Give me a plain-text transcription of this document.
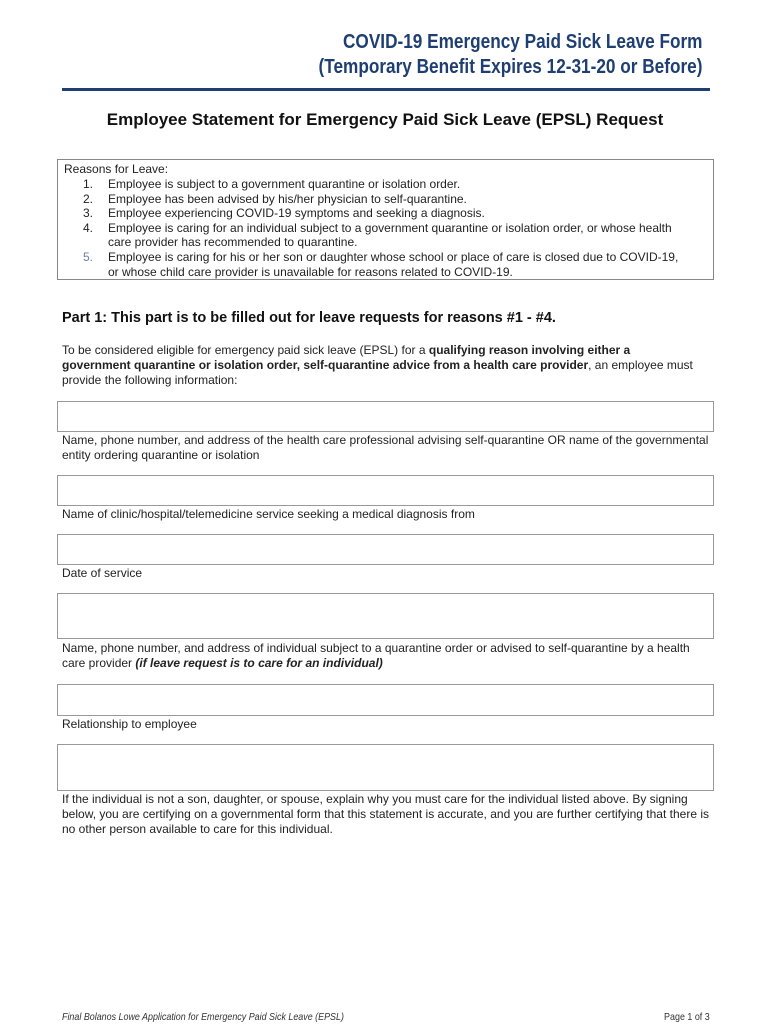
COVID-19 Emergency Paid Sick Leave Form
(Temporary Benefit Expires 12-31-20 or Before)
Employee Statement for Emergency Paid Sick Leave (EPSL) Request
Reasons for Leave:
1. Employee is subject to a government quarantine or isolation order.
2. Employee has been advised by his/her physician to self-quarantine.
3. Employee experiencing COVID-19 symptoms and seeking a diagnosis.
4. Employee is caring for an individual subject to a government quarantine or isolation order, or whose health
care provider has recommended to quarantine.
5. Employee is caring for his or her son or daughter whose school or place of care is closed due to COVID-19,
or whose child care provider is unavailable for reasons related to COVID-19.
Part 1: This part is to be filled out for leave requests for reasons #1 - #4.
To be considered eligible for emergency paid sick leave (EPSL) for a qualifying reason involving either a government quarantine or isolation order, self-quarantine advice from a health care provider, an employee must provide the following information:
Name, phone number, and address of the health care professional advising self-quarantine OR name of the governmental entity ordering quarantine or isolation
Name of clinic/hospital/telemedicine service seeking a medical diagnosis from
Date of service
Name, phone number, and address of individual subject to a quarantine order or advised to self-quarantine by a health care provider (if leave request is to care for an individual)
Relationship to employee
If the individual is not a son, daughter, or spouse, explain why you must care for the individual listed above. By signing below, you are certifying on a governmental form that this statement is accurate, and you are further certifying that there is no other person available to care for this individual.
Final Bolanos Lowe Application for Emergency Paid Sick Leave (EPSL)	Page 1 of 3
